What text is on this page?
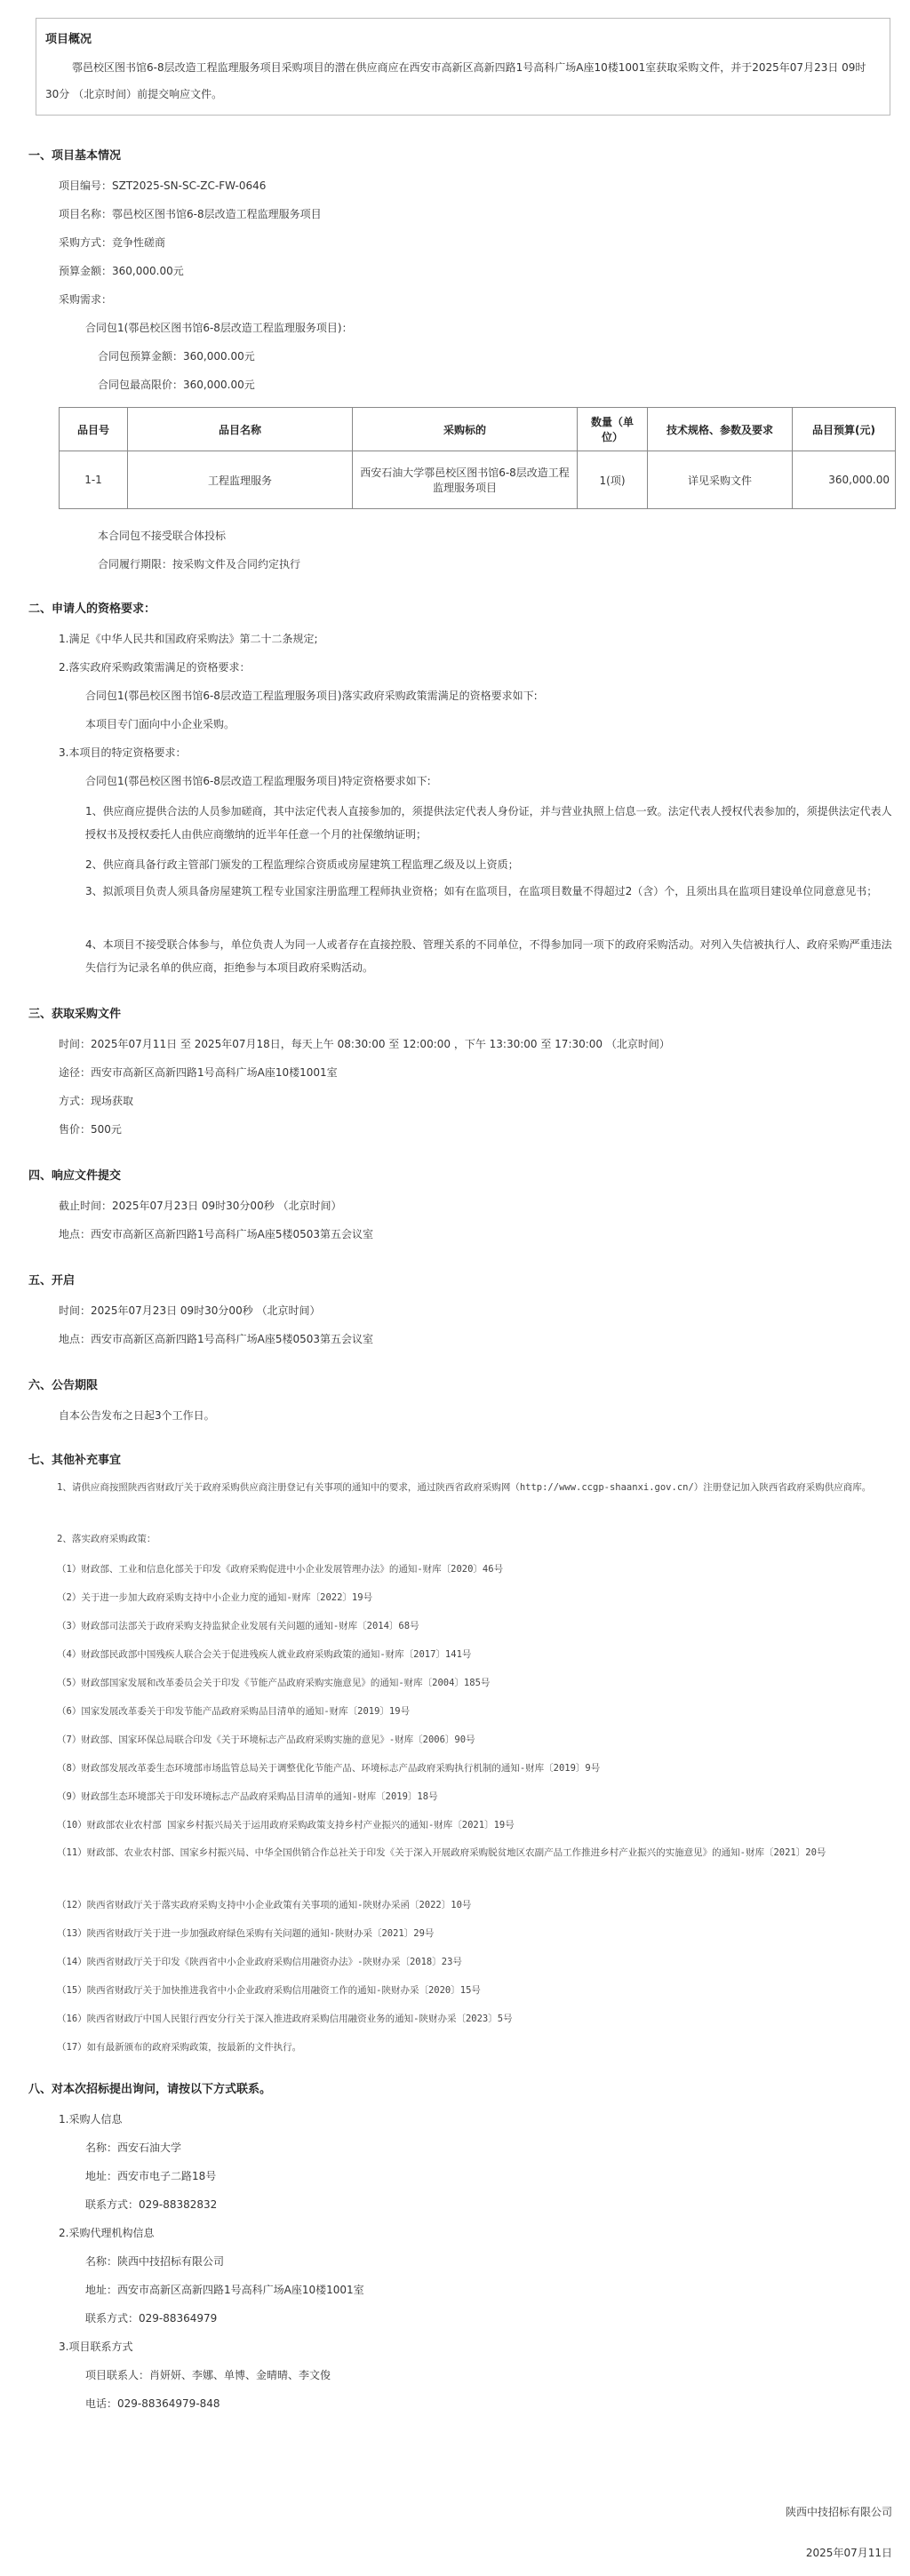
项目概况
鄠邑校区图书馆6-8层改造工程监理服务项目采购项目的潜在供应商应在西安市高新区高新四路1号高科广场A座10楼1001室获取采购文件，并于2025年07月23日 09时30分 （北京时间）前提交响应文件。
一、项目基本情况
项目编号：SZT2025-SN-SC-ZC-FW-0646
项目名称：鄠邑校区图书馆6-8层改造工程监理服务项目
采购方式：竞争性磋商
预算金额：360,000.00元
采购需求：
合同包1(鄠邑校区图书馆6-8层改造工程监理服务项目)：
合同包预算金额：360,000.00元
合同包最高限价：360,000.00元
品目号	品目名称	采购标的	数量（单位）	技术规格、参数及要求	品目预算(元)
1-1	工程监理服务	西安石油大学鄠邑校区图书馆6-8层改造工程监理服务项目	1(项)	详见采购文件	360,000.00
本合同包不接受联合体投标
合同履行期限：按采购文件及合同约定执行
二、申请人的资格要求：
1.满足《中华人民共和国政府采购法》第二十二条规定;
2.落实政府采购政策需满足的资格要求：
合同包1(鄠邑校区图书馆6-8层改造工程监理服务项目)落实政府采购政策需满足的资格要求如下:
本项目专门面向中小企业采购。
3.本项目的特定资格要求：
合同包1(鄠邑校区图书馆6-8层改造工程监理服务项目)特定资格要求如下:
1、供应商应提供合法的人员参加磋商，其中法定代表人直接参加的，须提供法定代表人身份证，并与营业执照上信息一致。法定代表人授权代表参加的，须提供法定代表人授权书及授权委托人由供应商缴纳的近半年任意一个月的社保缴纳证明；
2、供应商具备行政主管部门颁发的工程监理综合资质或房屋建筑工程监理乙级及以上资质；
3、拟派项目负责人须具备房屋建筑工程专业国家注册监理工程师执业资格；如有在监项目，在监项目数量不得超过2（含）个，且须出具在监项目建设单位同意意见书；
4、本项目不接受联合体参与，单位负责人为同一人或者存在直接控股、管理关系的不同单位，不得参加同一项下的政府采购活动。对列入失信被执行人、政府采购严重违法失信行为记录名单的供应商，拒绝参与本项目政府采购活动。
三、获取采购文件
时间：2025年07月11日 至 2025年07月18日，每天上午 08:30:00 至 12:00:00 ，下午 13:30:00 至 17:30:00 （北京时间）
途径：西安市高新区高新四路1号高科广场A座10楼1001室
方式：现场获取
售价：500元
四、响应文件提交
截止时间：2025年07月23日 09时30分00秒 （北京时间）
地点：西安市高新区高新四路1号高科广场A座5楼0503第五会议室
五、开启
时间：2025年07月23日 09时30分00秒 （北京时间）
地点：西安市高新区高新四路1号高科广场A座5楼0503第五会议室
六、公告期限
自本公告发布之日起3个工作日。
七、其他补充事宜
1、请供应商按照陕西省财政厅关于政府采购供应商注册登记有关事项的通知中的要求，通过陕西省政府采购网（http://www.ccgp-shaanxi.gov.cn/）注册登记加入陕西省政府采购供应商库。
2、落实政府采购政策：
（1）财政部、工业和信息化部关于印发《政府采购促进中小企业发展管理办法》的通知-财库〔2020〕46号
（2）关于进一步加大政府采购支持中小企业力度的通知-财库〔2022〕19号
（3）财政部司法部关于政府采购支持监狱企业发展有关问题的通知-财库〔2014〕68号
（4）财政部民政部中国残疾人联合会关于促进残疾人就业政府采购政策的通知-财库〔2017〕141号
（5）财政部国家发展和改革委员会关于印发《节能产品政府采购实施意见》的通知-财库〔2004〕185号
（6）国家发展改革委关于印发节能产品政府采购品目清单的通知-财库〔2019〕19号
（7）财政部、国家环保总局联合印发《关于环境标志产品政府采购实施的意见》-财库〔2006〕90号
（8）财政部发展改革委生态环境部市场监管总局关于调整优化节能产品、环境标志产品政府采购执行机制的通知-财库〔2019〕9号
（9）财政部生态环境部关于印发环境标志产品政府采购品目清单的通知-财库〔2019〕18号
（10）财政部农业农村部 国家乡村振兴局关于运用政府采购政策支持乡村产业振兴的通知-财库〔2021〕19号
（11）财政部、农业农村部、国家乡村振兴局、中华全国供销合作总社关于印发《关于深入开展政府采购脱贫地区农副产品工作推进乡村产业振兴的实施意见》的通知-财库〔2021〕20号
（12）陕西省财政厅关于落实政府采购支持中小企业政策有关事项的通知-陕财办采函〔2022〕10号
（13）陕西省财政厅关于进一步加强政府绿色采购有关问题的通知-陕财办采〔2021〕29号
（14）陕西省财政厅关于印发《陕西省中小企业政府采购信用融资办法》-陕财办采〔2018〕23号
（15）陕西省财政厅关于加快推进我省中小企业政府采购信用融资工作的通知-陕财办采〔2020〕15号
（16）陕西省财政厅中国人民银行西安分行关于深入推进政府采购信用融资业务的通知-陕财办采〔2023〕5号
（17）如有最新颁布的政府采购政策，按最新的文件执行。
八、对本次招标提出询问，请按以下方式联系。
1.采购人信息
名称：西安石油大学
地址：西安市电子二路18号
联系方式：029-88382832
2.采购代理机构信息
名称：陕西中技招标有限公司
地址：西安市高新区高新四路1号高科广场A座10楼1001室
联系方式：029-88364979
3.项目联系方式
项目联系人：肖妍妍、李娜、单博、金晴晴、李文俊
电话：029-88364979-848
陕西中技招标有限公司
2025年07月11日
